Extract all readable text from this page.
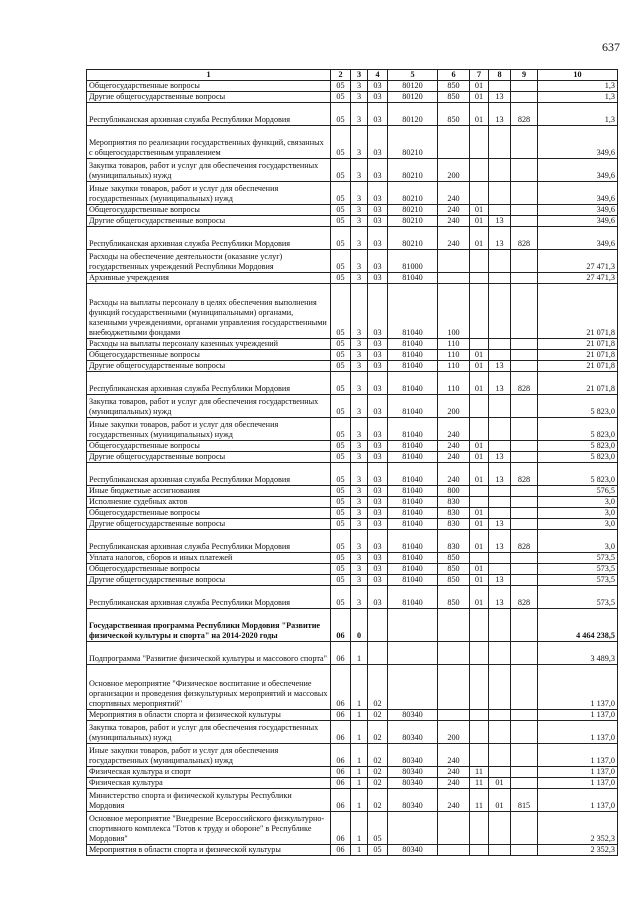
637
1	2	3	4	5	6	7	8	9	10
Общегосударственные вопросы	05	3	03	80120	850	01			1,3
Другие общегосударственные вопросы	05	3	03	80120	850	01	13		1,3
Республиканская архивная служба Республики Мордовия	05	3	03	80120	850	01	13	828	1,3
Мероприятия по реализации государственных функций, связанных с общегосударственным управлением	05	3	03	80210					349,6
Закупка товаров, работ и услуг для обеспечения государственных (муниципальных) нужд	05	3	03	80210	200				349,6
Иные закупки товаров, работ и услуг для обеспечения государственных (муниципальных) нужд	05	3	03	80210	240				349,6
Общегосударственные вопросы	05	3	03	80210	240	01			349,6
Другие общегосударственные вопросы	05	3	03	80210	240	01	13		349,6
Республиканская архивная служба Республики Мордовия	05	3	03	80210	240	01	13	828	349,6
Расходы на обеспечение деятельности (оказание услуг) государственных учреждений Республики Мордовия	05	3	03	81000					27 471,3
Архивные учреждения	05	3	03	81040					27 471,3
Расходы на выплаты персоналу в целях обеспечения выполнения функций государственными (муниципальными) органами, казенными учреждениями, органами управления государственными внебюджетными фондами	05	3	03	81040	100				21 071,8
Расходы на выплаты персоналу казенных учреждений	05	3	03	81040	110				21 071,8
Общегосударственные вопросы	05	3	03	81040	110	01			21 071,8
Другие общегосударственные вопросы	05	3	03	81040	110	01	13		21 071,8
Республиканская архивная служба Республики Мордовия	05	3	03	81040	110	01	13	828	21 071,8
Закупка товаров, работ и услуг для обеспечения государственных (муниципальных) нужд	05	3	03	81040	200				5 823,0
Иные закупки товаров, работ и услуг для обеспечения государственных (муниципальных) нужд	05	3	03	81040	240				5 823,0
Общегосударственные вопросы	05	3	03	81040	240	01			5 823,0
Другие общегосударственные вопросы	05	3	03	81040	240	01	13		5 823,0
Республиканская архивная служба Республики Мордовия	05	3	03	81040	240	01	13	828	5 823,0
Иные бюджетные ассигнования	05	3	03	81040	800				576,5
Исполнение судебных актов	05	3	03	81040	830				3,0
Общегосударственные вопросы	05	3	03	81040	830	01			3,0
Другие общегосударственные вопросы	05	3	03	81040	830	01	13		3,0
Республиканская архивная служба Республики Мордовия	05	3	03	81040	830	01	13	828	3,0
Уплата налогов, сборов и иных платежей	05	3	03	81040	850				573,5
Общегосударственные вопросы	05	3	03	81040	850	01			573,5
Другие общегосударственные вопросы	05	3	03	81040	850	01	13		573,5
Республиканская архивная служба Республики Мордовия	05	3	03	81040	850	01	13	828	573,5
Государственная программа Республики Мордовия "Развитие физической культуры и спорта" на 2014-2020 годы	06	0							4 464 238,5
Подпрограмма "Развитие физической культуры и массового спорта"	06	1							3 489,3
Основное мероприятие "Физическое воспитание и обеспечение организации и проведения физкультурных мероприятий и массовых спортивных мероприятий"	06	1	02						1 137,0
Мероприятия в области спорта и физической культуры	06	1	02	80340					1 137,0
Закупка товаров, работ и услуг для обеспечения государственных (муниципальных) нужд	06	1	02	80340	200				1 137,0
Иные закупки товаров, работ и услуг для обеспечения государственных (муниципальных) нужд	06	1	02	80340	240				1 137,0
Физическая культура и спорт	06	1	02	80340	240	11			1 137,0
Физическая культура	06	1	02	80340	240	11	01		1 137,0
Министерство спорта и физической культуры Республики Мордовия	06	1	02	80340	240	11	01	815	1 137,0
Основное мероприятие "Внедрение Всероссийского физкультурно-спортивного комплекса "Готов к труду и обороне" в Республике Мордовия"	06	1	05						2 352,3
Мероприятия в области спорта и физической культуры	06	1	05	80340					2 352,3
